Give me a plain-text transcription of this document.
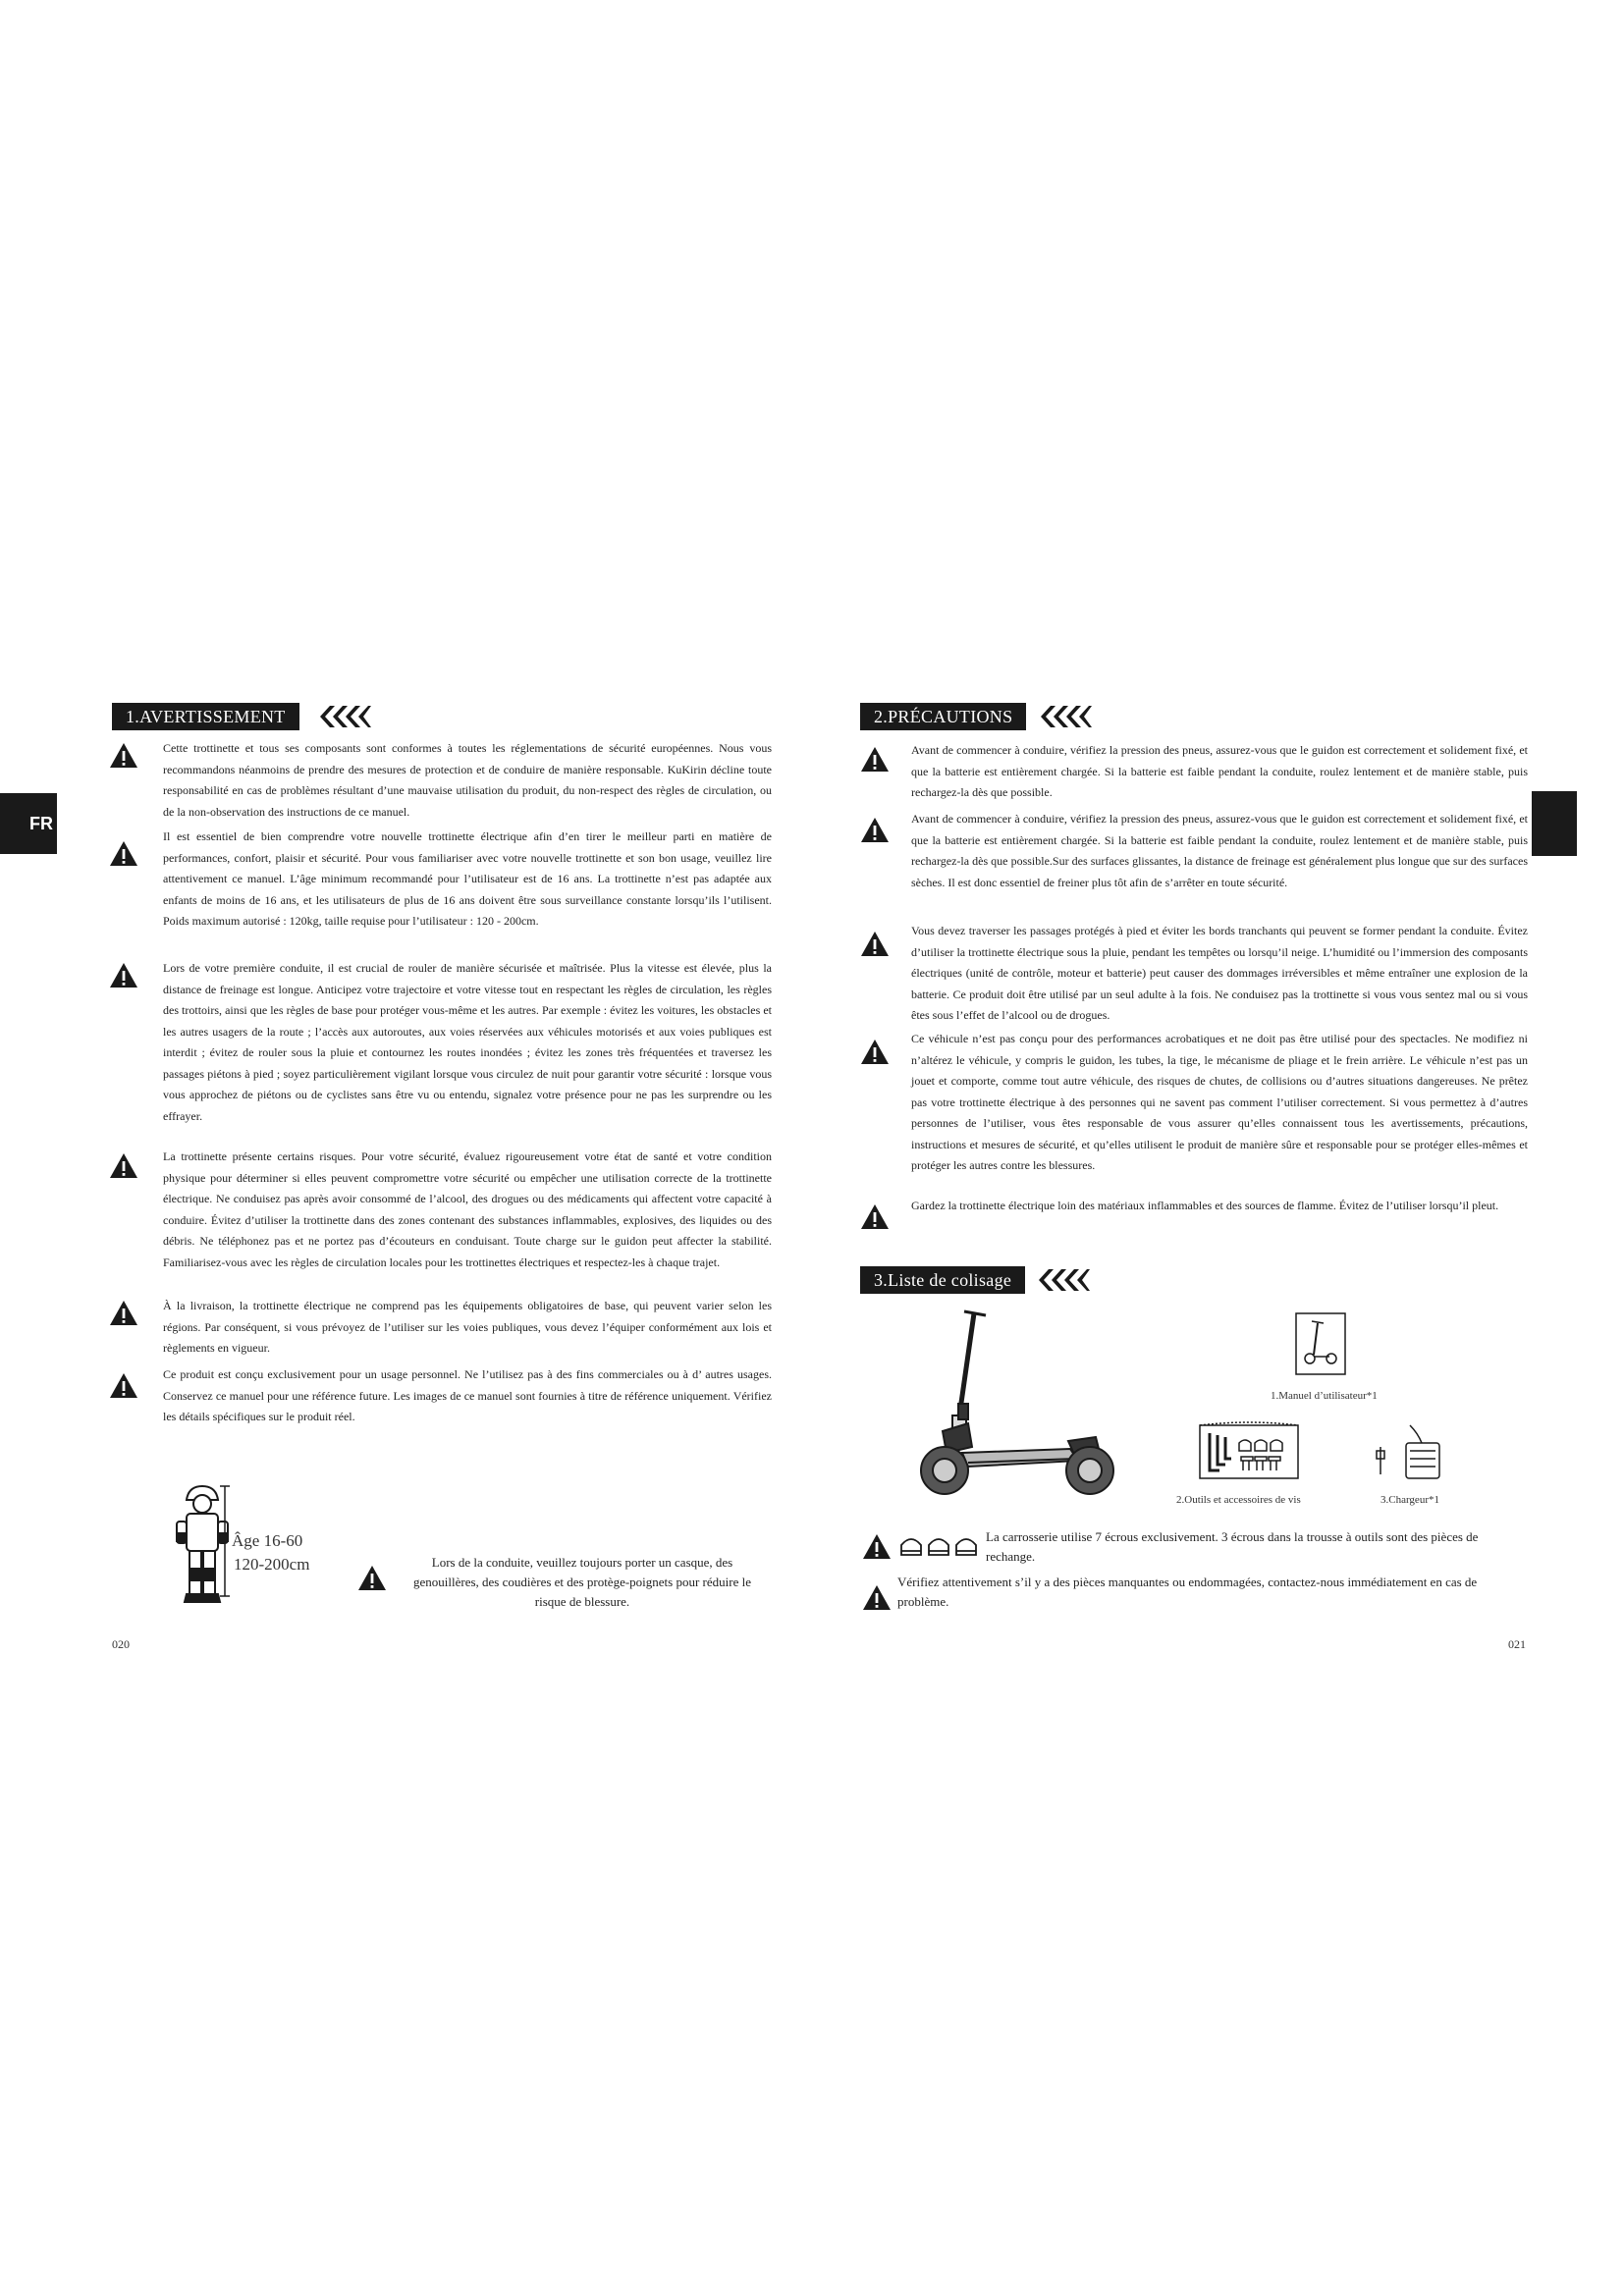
FR
1.AVERTISSEMENT
Cette trottinette et tous ses composants sont conformes à toutes les réglementations de sécurité européennes. Nous vous recommandons néanmoins de prendre des mesures de protection et de conduire de manière responsable. KuKirin décline toute responsabilité en cas de problèmes résultant d’une mauvaise utilisation du produit, du non-respect des règles de circulation, ou de la non-observation des instructions de ce manuel.
Il est essentiel de bien comprendre votre nouvelle trottinette électrique afin d’en tirer le meilleur parti en matière de performances, confort, plaisir et sécurité. Pour vous familiariser avec votre nouvelle trottinette et son bon usage, veuillez lire attentivement ce manuel. L’âge minimum recommandé pour l’utilisateur est de 16 ans. La trottinette n’est pas adaptée aux enfants de moins de 16 ans, et les utilisateurs de plus de 16 ans doivent être sous surveillance constante lorsqu’ils l’utilisent. Poids maximum autorisé : 120kg, taille requise pour l’utilisateur : 120 - 200cm.
Lors de votre première conduite, il est crucial de rouler de manière sécurisée et maîtrisée. Plus la vitesse est élevée, plus la distance de freinage est longue. Anticipez votre trajectoire et votre vitesse tout en respectant les règles de circulation, les règles des trottoirs, ainsi que les règles de base pour protéger vous-même et les autres. Par exemple : évitez les voitures, les obstacles et les autres usagers de la route ; l’accès aux autoroutes, aux voies réservées aux véhicules motorisés et aux voies publiques est interdit ; évitez de rouler sous la pluie et contournez les routes inondées ; évitez les zones très fréquentées et traversez les passages piétons à pied ; soyez particulièrement vigilant lorsque vous circulez de nuit pour garantir votre sécurité : lorsque vous vous approchez de piétons ou de cyclistes sans être vu ou entendu, signalez votre présence pour ne pas les surprendre ou les effrayer.
La trottinette présente certains risques. Pour votre sécurité, évaluez rigoureusement votre état de santé et votre condition physique pour déterminer si elles peuvent compromettre votre sécurité ou empêcher une utilisation correcte de la trottinette électrique. Ne conduisez pas après avoir consommé de l’alcool, des drogues ou des médicaments qui affectent votre capacité à conduire. Évitez d’utiliser la trottinette dans des zones contenant des substances inflammables, explosives, des liquides ou des débris. Ne téléphonez pas et ne portez pas d’écouteurs en conduisant. Toute charge sur le guidon peut affecter la stabilité. Familiarisez-vous avec les règles de circulation locales pour les trottinettes électriques et respectez-les à chaque trajet.
À la livraison, la trottinette électrique ne comprend pas les équipements obligatoires de base, qui peuvent varier selon les régions. Par conséquent, si vous prévoyez de l’utiliser sur les voies publiques, vous devez l’équiper conformément aux lois et règlements en vigueur.
Ce produit est conçu exclusivement pour un usage personnel. Ne l’utilisez pas à des fins commerciales ou à d’ autres usages. Conservez ce manuel pour une référence future. Les images de ce manuel sont fournies à titre de référence uniquement. Vérifiez les détails spécifiques sur le produit réel.
Âge 16-60
120-200cm	Lors de la conduite, veuillez toujours porter un casque, des genouillères, des coudières et des protège-poignets pour réduire le risque de blessure.
020
2.PRÉCAUTIONS
Avant de commencer à conduire, vérifiez la pression des pneus, assurez-vous que le guidon est correctement et solidement fixé, et que la batterie est entièrement chargée. Si la batterie est faible pendant la conduite, roulez lentement et de manière stable, puis rechargez-la dès que possible.
Avant de commencer à conduire, vérifiez la pression des pneus, assurez-vous que le guidon est correctement et solidement fixé, et que la batterie est entièrement chargée. Si la batterie est faible pendant la conduite, roulez lentement et de manière stable, puis rechargez-la dès que possible.Sur des surfaces glissantes, la distance de freinage est généralement plus longue que sur des surfaces sèches. Il est donc essentiel de freiner plus tôt afin de s’arrêter en toute sécurité.
Vous devez traverser les passages protégés à pied et éviter les bords tranchants qui peuvent se former pendant la conduite. Évitez d’utiliser la trottinette électrique sous la pluie, pendant les tempêtes ou lorsqu’il neige. L’humidité ou l’immersion des composants électriques (unité de contrôle, moteur et batterie) peut causer des dommages irréversibles et même entraîner une explosion de la batterie. Ce produit doit être utilisé par un seul adulte à la fois. Ne conduisez pas la trottinette si vous vous sentez mal ou si vous êtes sous l’effet de l’alcool ou de drogues.
Ce véhicule n’est pas conçu pour des performances acrobatiques et ne doit pas être utilisé pour des spectacles. Ne modifiez ni n’altérez le véhicule, y compris le guidon, les tubes, la tige, le mécanisme de pliage et le frein arrière. Le véhicule n’est pas un jouet et comporte, comme tout autre véhicule, des risques de chutes, de collisions ou d’autres situations dangereuses. Ne prêtez pas votre trottinette électrique à des personnes qui ne savent pas comment l’utiliser correctement. Si vous permettez à d’autres personnes de l’utiliser, vous êtes responsable de vous assurer qu’elles connaissent tous les avertissements, précautions, instructions et mesures de sécurité, et qu’elles utilisent le produit de manière sûre et responsable pour se protéger elles-mêmes et protéger les autres contre les blessures.
Gardez la trottinette électrique loin des matériaux inflammables et des sources de flamme. Évitez de l’utiliser lorsqu’il pleut.
3.Liste de colisage
1.Manuel d’utilisateur*1
2.Outils et accessoires de vis	3.Chargeur*1
La carrosserie utilise 7 écrous exclusivement. 3 écrous dans la trousse à outils sont des pièces de rechange.
Vérifiez attentivement s’il y a des pièces manquantes ou endommagées, contactez-nous immédiatement en cas de problème.
021
